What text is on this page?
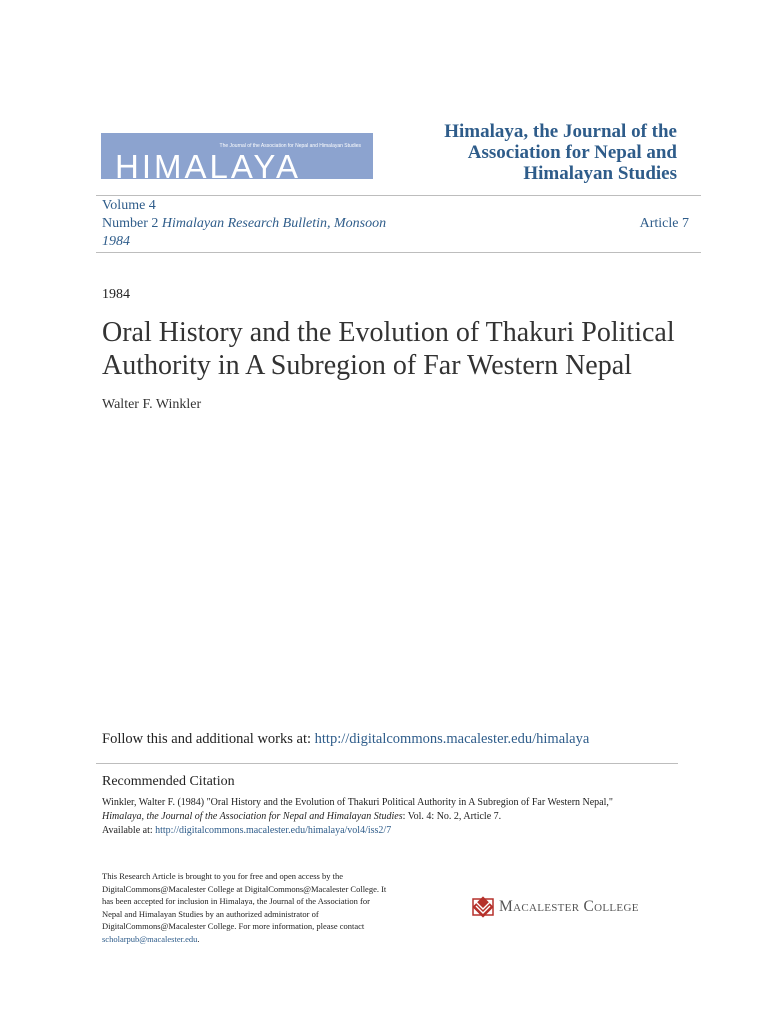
The Journal of the Association for Nepal and Himalayan Studies
HIMALAYA
Himalaya, the Journal of the
Association for Nepal and
Himalayan Studies
Volume 4
Number 2 Himalayan Research Bulletin, Monsoon
1984
Article 7
1984
Oral History and the Evolution of Thakuri Political Authority in A Subregion of Far Western Nepal
Walter F. Winkler
Follow this and additional works at: http://digitalcommons.macalester.edu/himalaya
Recommended Citation
Winkler, Walter F. (1984) "Oral History and the Evolution of Thakuri Political Authority in A Subregion of Far Western Nepal,"
Himalaya, the Journal of the Association for Nepal and Himalayan Studies: Vol. 4: No. 2, Article 7.
Available at: http://digitalcommons.macalester.edu/himalaya/vol4/iss2/7
This Research Article is brought to you for free and open access by the DigitalCommons@Macalester College at DigitalCommons@Macalester College. It has been accepted for inclusion in Himalaya, the Journal of the Association for Nepal and Himalayan Studies by an authorized administrator of DigitalCommons@Macalester College. For more information, please contact scholarpub@macalester.edu.
Macalester College
